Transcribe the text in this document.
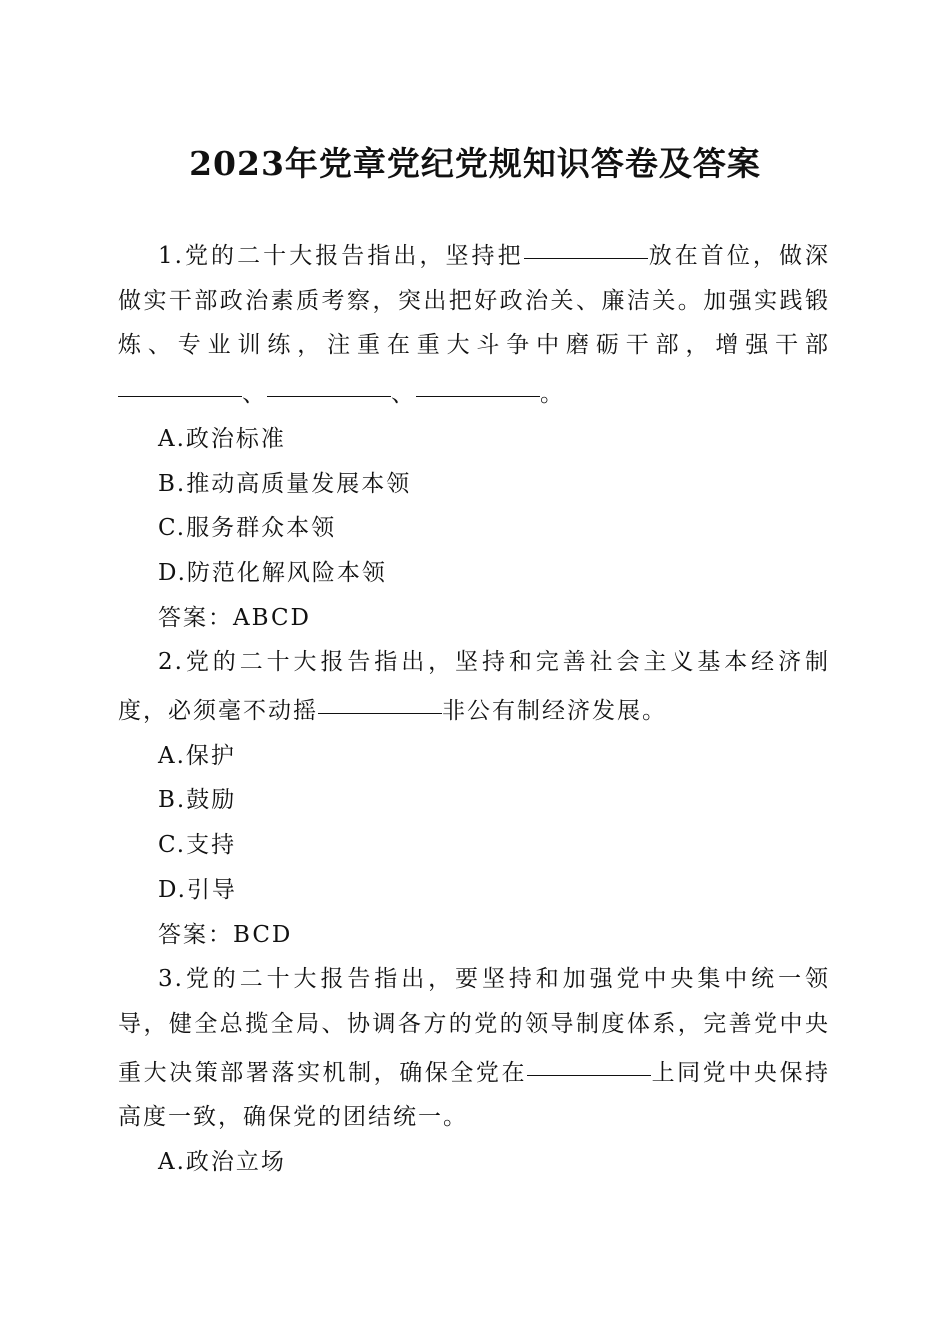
2023年党章党纪党规知识答卷及答案

1.党的二十大报告指出，坚持把	放在首位，做深做实干部政治素质考察，突出把好政治关、廉洁关。加强实践锻炼、专业训练，注重在重大斗争中磨砺干部，增强干部、	、	。

A.政治标准

B.推动高质量发展本领

C.服务群众本领

D.防范化解风险本领

答案：ABCD

2.党的二十大报告指出，坚持和完善社会主义基本经济制度，必须毫不动摇	非公有制经济发展。

A.保护

B.鼓励

C.支持

D.引导

答案：BCD

3.党的二十大报告指出，要坚持和加强党中央集中统一领导，健全总揽全局、协调各方的党的领导制度体系，完善党中央重大决策部署落实机制，确保全党在	上同党中央保持高度一致，确保党的团结统一。

A.政治立场
